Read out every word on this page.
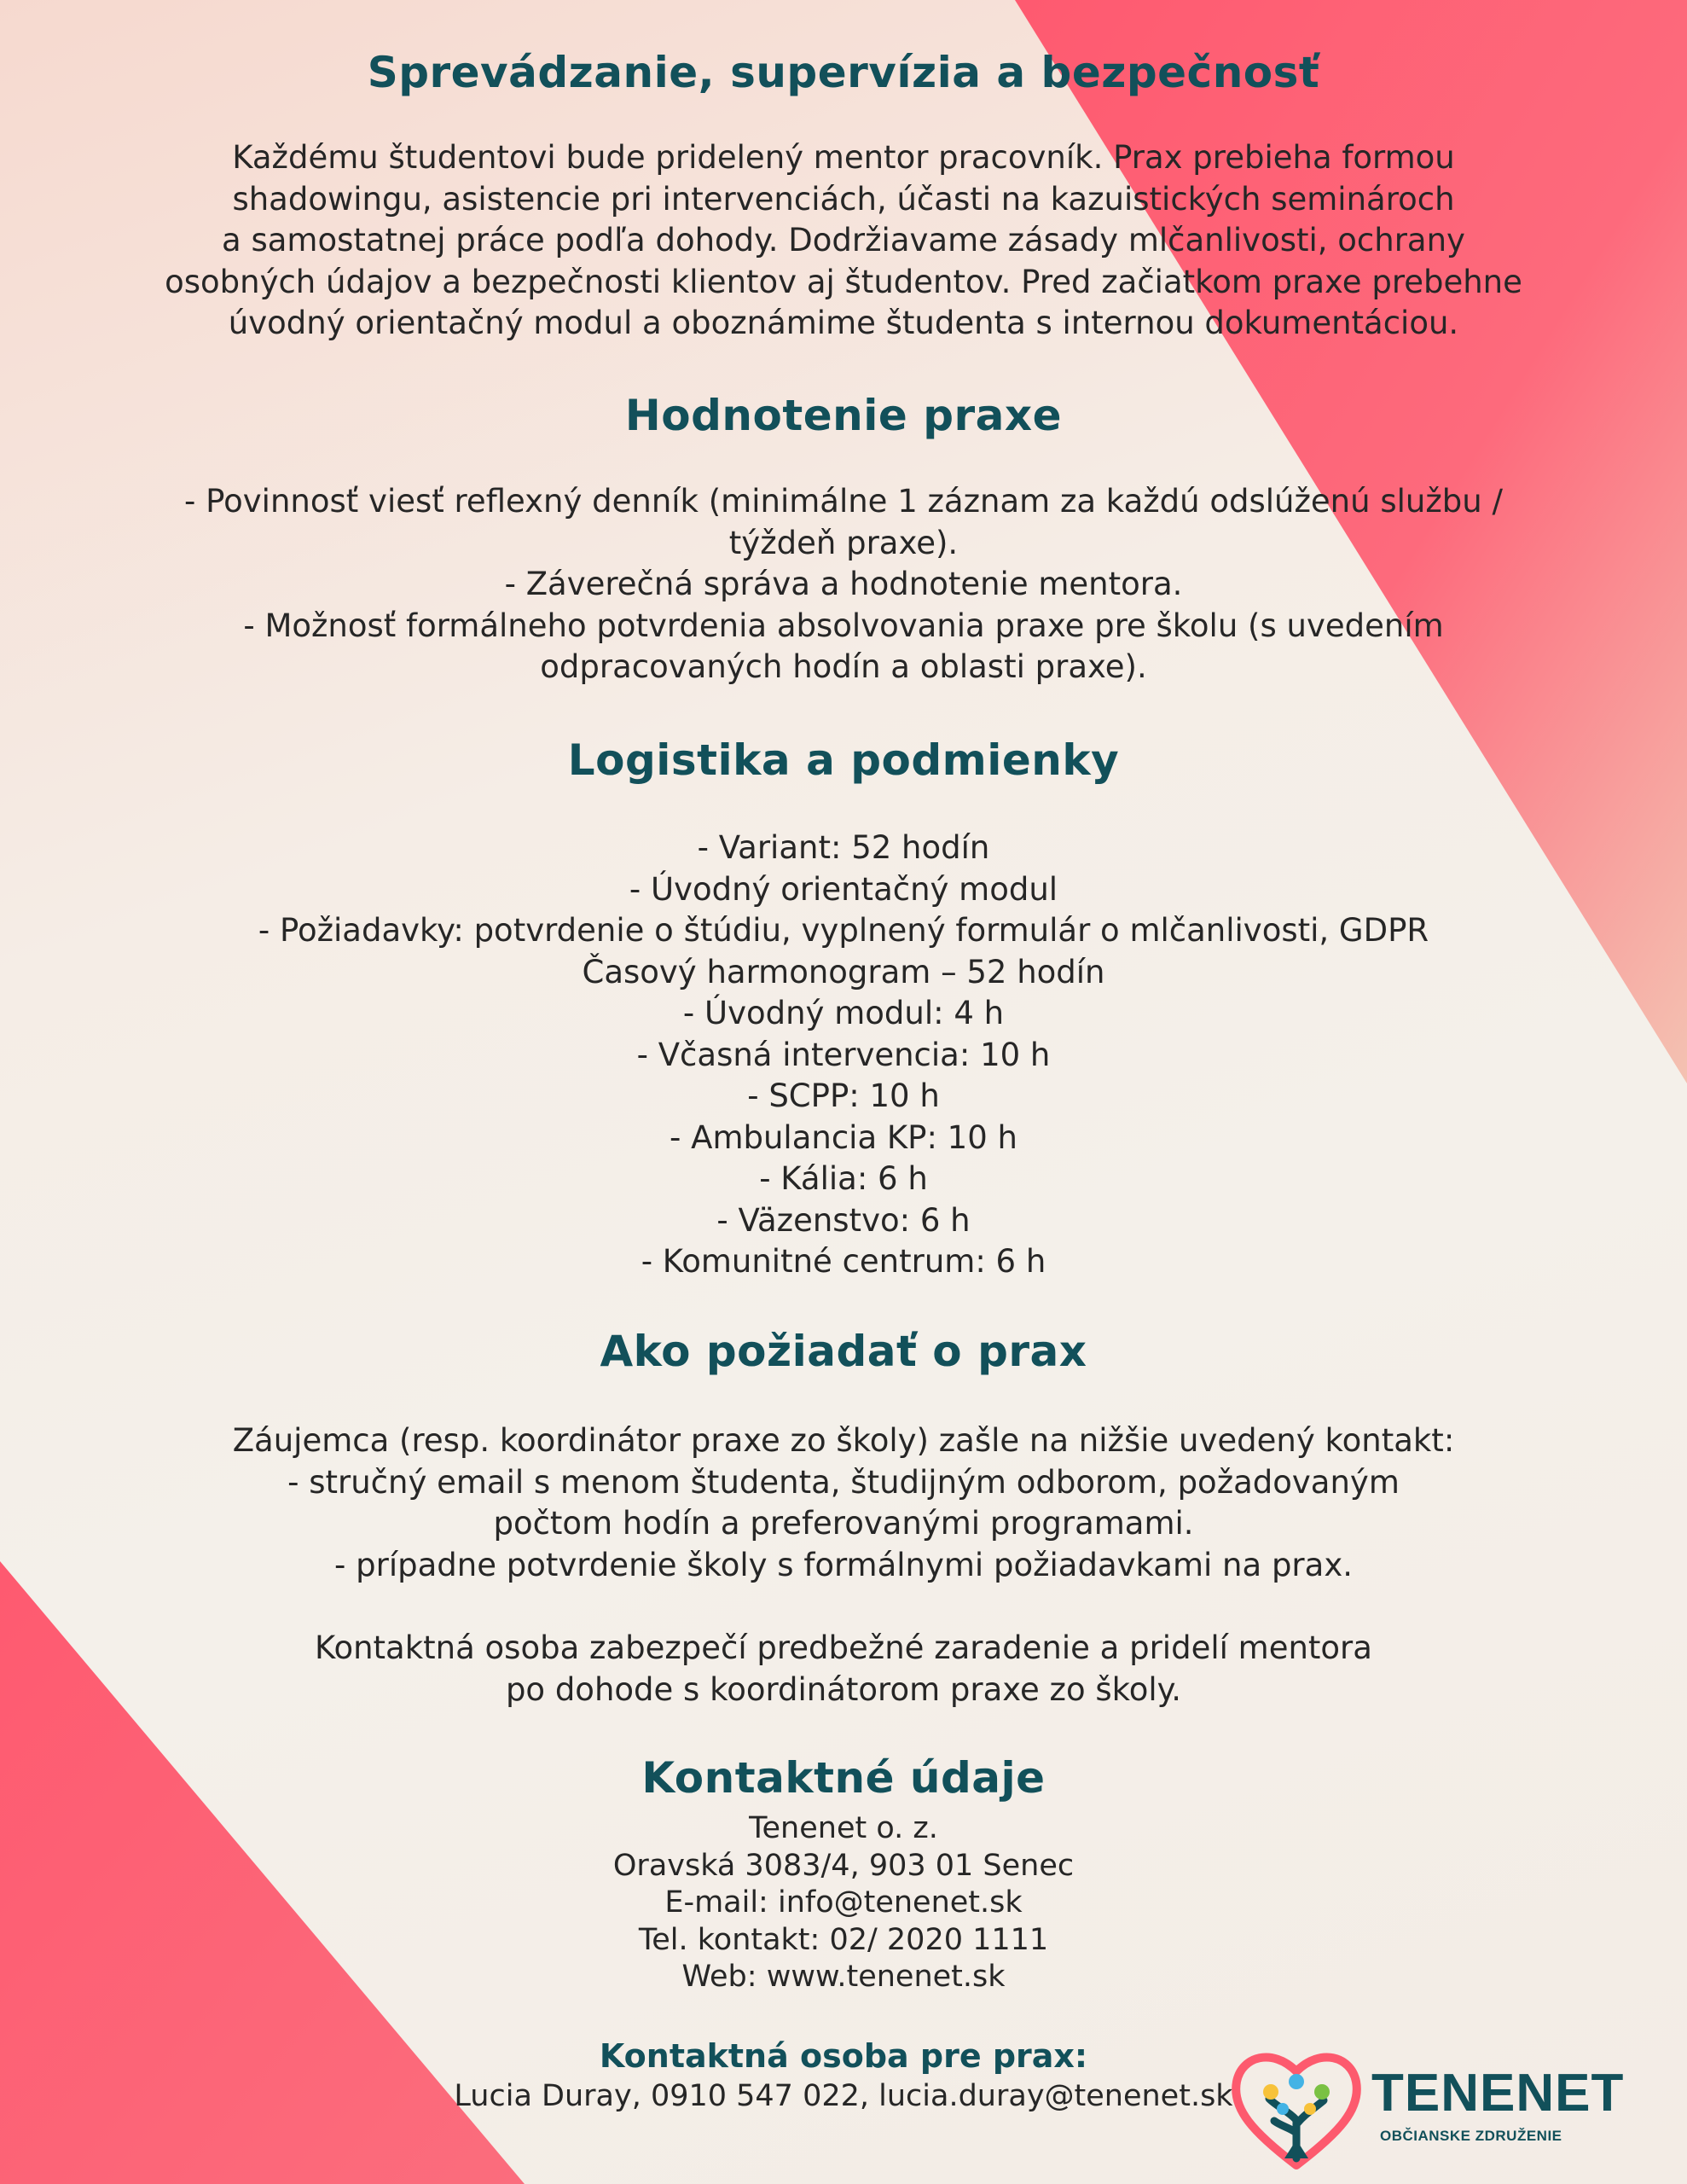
Sprevádzanie, supervízia a bezpečnosť
Každému študentovi bude pridelený mentor pracovník. Prax prebieha formou
shadowingu, asistencie pri intervenciách, účasti na kazuistických seminároch
a samostatnej práce podľa dohody. Dodržiavame zásady mlčanlivosti, ochrany
osobných údajov a bezpečnosti klientov aj študentov. Pred začiatkom praxe prebehne
úvodný orientačný modul a oboznámime študenta s internou dokumentáciou.
Hodnotenie praxe
- Povinnosť viesť reflexný denník (minimálne 1 záznam za každú odslúženú službu /
týždeň praxe).
- Záverečná správa a hodnotenie mentora.
- Možnosť formálneho potvrdenia absolvovania praxe pre školu (s uvedením
odpracovaných hodín a oblasti praxe).
Logistika a podmienky
- Variant: 52 hodín
- Úvodný orientačný modul
- Požiadavky: potvrdenie o štúdiu, vyplnený formulár o mlčanlivosti, GDPR
Časový harmonogram – 52 hodín
- Úvodný modul: 4 h
- Včasná intervencia: 10 h
- SCPP: 10 h
- Ambulancia KP: 10 h
- Kália: 6 h
- Väzenstvo: 6 h
- Komunitné centrum: 6 h
Ako požiadať o prax
Záujemca (resp. koordinátor praxe zo školy) zašle na nižšie uvedený kontakt:
- stručný email s menom študenta, študijným odborom, požadovaným
počtom hodín a preferovanými programami.
- prípadne potvrdenie školy s formálnymi požiadavkami na prax.
Kontaktná osoba zabezpečí predbežné zaradenie a pridelí mentora
po dohode s koordinátorom praxe zo školy.
Kontaktné údaje
Tenenet o. z.
Oravská 3083/4, 903 01 Senec
E-mail: info@tenenet.sk
Tel. kontakt: 02/ 2020 1111
Web: www.tenenet.sk
Kontaktná osoba pre prax:
Lucia Duray, 0910 547 022, lucia.duray@tenenet.sk	TENENET
OBČIANSKE ZDRUŽENIE
